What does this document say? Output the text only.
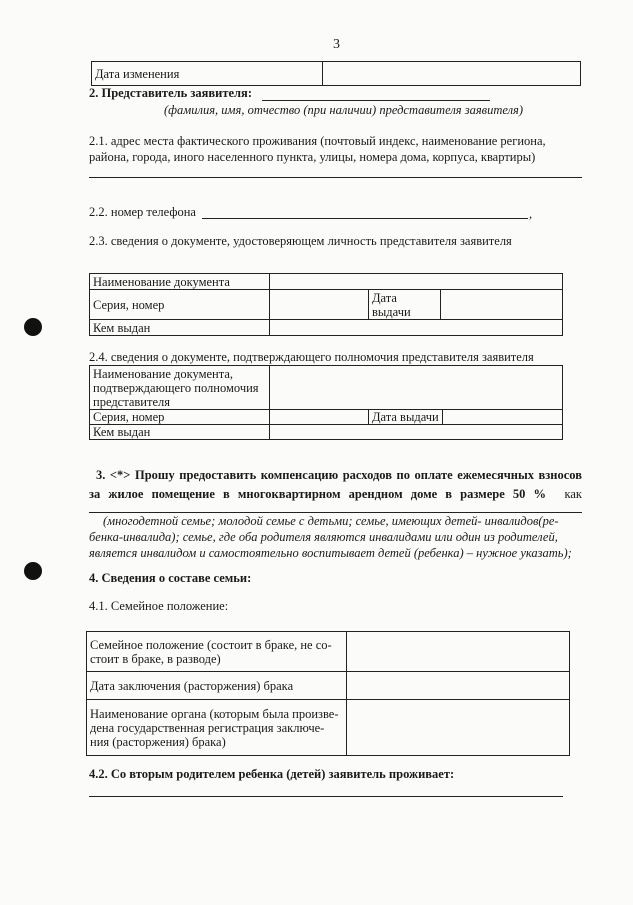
3
Дата изменения	
2. Представитель заявителя:
(фамилия, имя, отчество (при наличии) представителя заявителя)
2.1. адрес места фактического проживания (почтовый индекс, наименование региона,
района, города, иного населенного пункта, улицы, номера дома, корпуса, квартиры)
2.2. номер телефона	,
2.3. сведения о документе, удостоверяющем личность представителя заявителя
Наименование документа			
Серия, номер		Дата
выдачи	

Кем выдан			
2.4. сведения о документе, подтверждающего полномочия представителя заявителя
Наименование документа,
подтверждающего полномочия
представителя			

Серия, номер		Дата выдачи	
Кем выдан			
3. <*> Прошу предоставить компенсацию расходов по оплате ежемесячных взносов
за жилое помещение в многоквартирном арендном доме в размере 50 % как
(многодетной семье; молодой семье с детьми; семье, имеющих детей- инвалидов(ре-
бенка-инвалида); семье, где оба родителя являются инвалидами или один из родителей,
является инвалидом и самостоятельно воспитывает детей (ребенка) – нужное указать);
4. Сведения о составе семьи:
4.1. Семейное положение:
Семейное положение (состоит в браке, не со-
стоит в браке, в разводе)	

Дата заключения (расторжения) брака	

Наименование органа (которым была произве-
дена государственная регистрация заключе-
ния (расторжения) брака)	

4.2. Со вторым родителем ребенка (детей) заявитель проживает:
